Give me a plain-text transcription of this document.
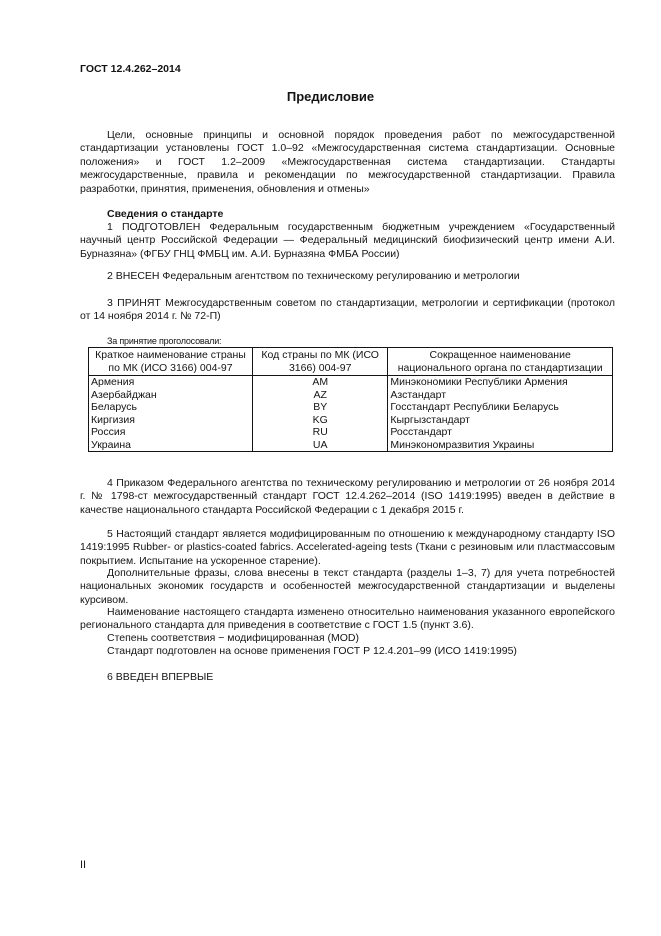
ГОСТ 12.4.262–2014
Предисловие
Цели, основные принципы и основной порядок проведения работ по межгосударственной стандартизации установлены ГОСТ 1.0–92 «Межгосударственная система стандартизации. Основные положения» и ГОСТ 1.2–2009 «Межгосударственная система стандартизации. Стандарты межгосударственные, правила и рекомендации по межгосударственной стандартизации. Правила разработки, принятия, применения, обновления и отмены»
Сведения о стандарте
1 ПОДГОТОВЛЕН Федеральным государственным бюджетным учреждением «Государственный научный центр Российской Федерации — Федеральный медицинский биофизический центр имени А.И. Бурназяна» (ФГБУ ГНЦ ФМБЦ им. А.И. Бурназяна ФМБА России)
2 ВНЕСЕН Федеральным агентством по техническому регулированию и метрологии
3 ПРИНЯТ Межгосударственным советом по стандартизации, метрологии и сертификации (протокол от 14 ноября 2014 г. № 72-П)
За принятие проголосовали:
Краткое наименование страны по МК (ИСО 3166) 004-97	Код страны по МК (ИСО 3166) 004-97	Сокращенное наименование национального органа по стандартизации
Армения	AM	Минэкономики Республики Армения
Азербайджан	AZ	Азстандарт
Беларусь	BY	Госстандарт Республики Беларусь
Киргизия	KG	Кыргызстандарт
Россия	RU	Росстандарт
Украина	UA	Минэкономразвития Украины
4 Приказом Федерального агентства по техническому регулированию и метрологии от 26 ноября 2014 г. № 1798-ст межгосударственный стандарт ГОСТ 12.4.262–2014 (ISO 1419:1995) введен в действие в качестве национального стандарта Российской Федерации с 1 декабря 2015 г.
5 Настоящий стандарт является модифицированным по отношению к международному стандарту ISO 1419:1995 Rubber- or plastics-coated fabrics. Accelerated-ageing tests (Ткани с резиновым или пластмассовым покрытием. Испытание на ускоренное старение).
Дополнительные фразы, слова внесены в текст стандарта (разделы 1–3, 7) для учета потребностей национальных экономик государств и особенностей межгосударственной стандартизации и выделены курсивом.
Наименование настоящего стандарта изменено относительно наименования указанного европейского регионального стандарта для приведения в соответствие с ГОСТ 1.5 (пункт 3.6).
Степень соответствия − модифицированная (MOD)
Стандарт подготовлен на основе применения ГОСТ Р 12.4.201–99 (ИСО 1419:1995)
6 ВВЕДЕН ВПЕРВЫЕ
II
